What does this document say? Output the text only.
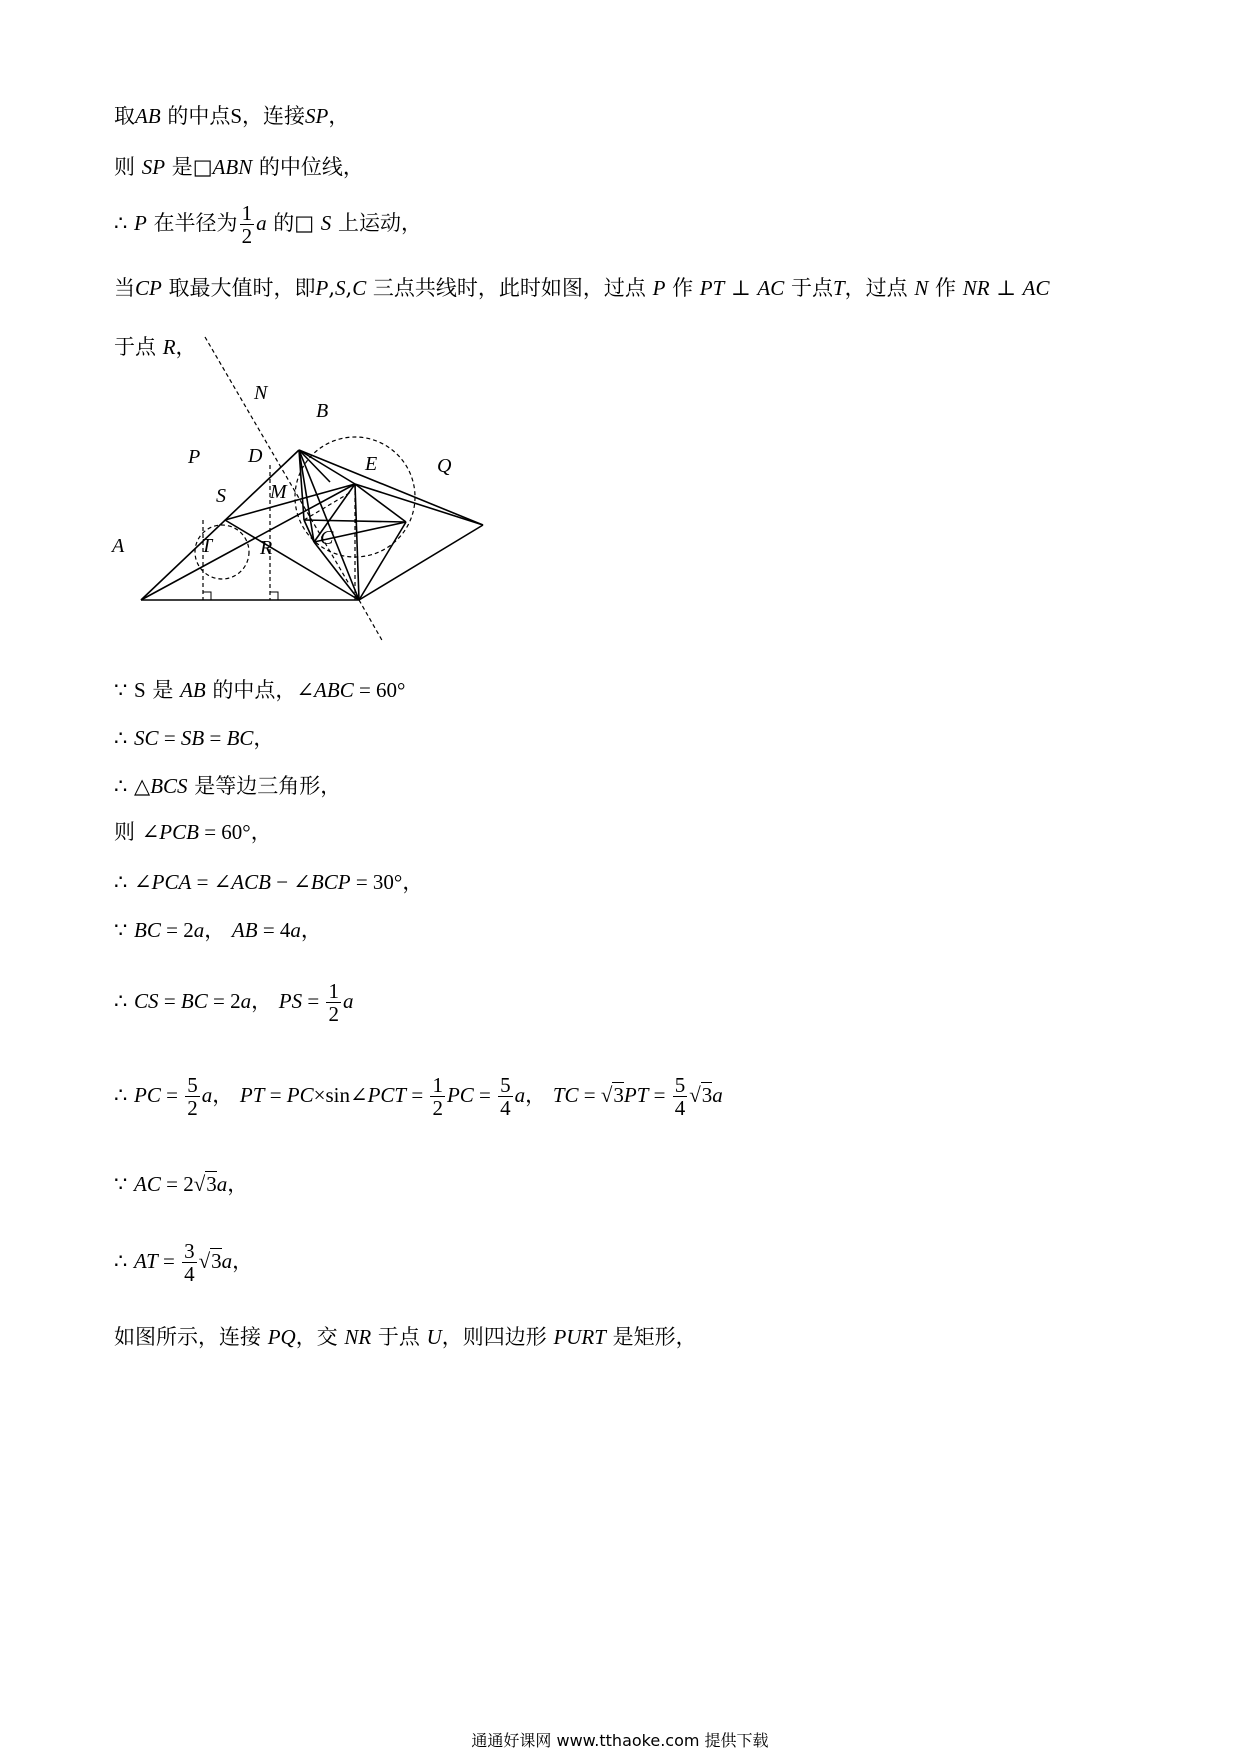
取AB 的中点S，连接SP，
则 SP 是□ABN 的中位线，
∴ P 在半径为 $\frac{1}{2}$ a 的□ S 上运动，
当CP 取最大值时，即P,S,C 三点共线时，此时如图，过点 P 作 PT ⊥ AC 于点T，过点 N 作 NR ⊥ AC
于点 R，
N
B
P D	E	Q
S M
A	T R C
∵ S 是 AB 的中点，∠ABC = 60°
∴ SC = SB = BC，
∴ △BCS 是等边三角形，
则 ∠PCB = 60°，
∴ ∠PCA = ∠ACB − ∠BCP = 30°，
∵ BC = 2a， AB = 4a，
∴ CS = BC = 2a， PS = $\frac{1}{2}$ a
∴ PC = $\frac{5}{2}$ a， PT = PC×sin∠PCT = $\frac{1}{2}$ PC = $\frac{5}{4}$ a， TC = $√3PT = \frac{5}{4} √3a$
∵ AC = 2√3a，
∴ AT = $\frac{3}{4} √3a$，
如图所示，连接 PQ，交 NR 于点 U，则四边形 PURT 是矩形，
通通好课网 www.tthaoke.com 提供下载
